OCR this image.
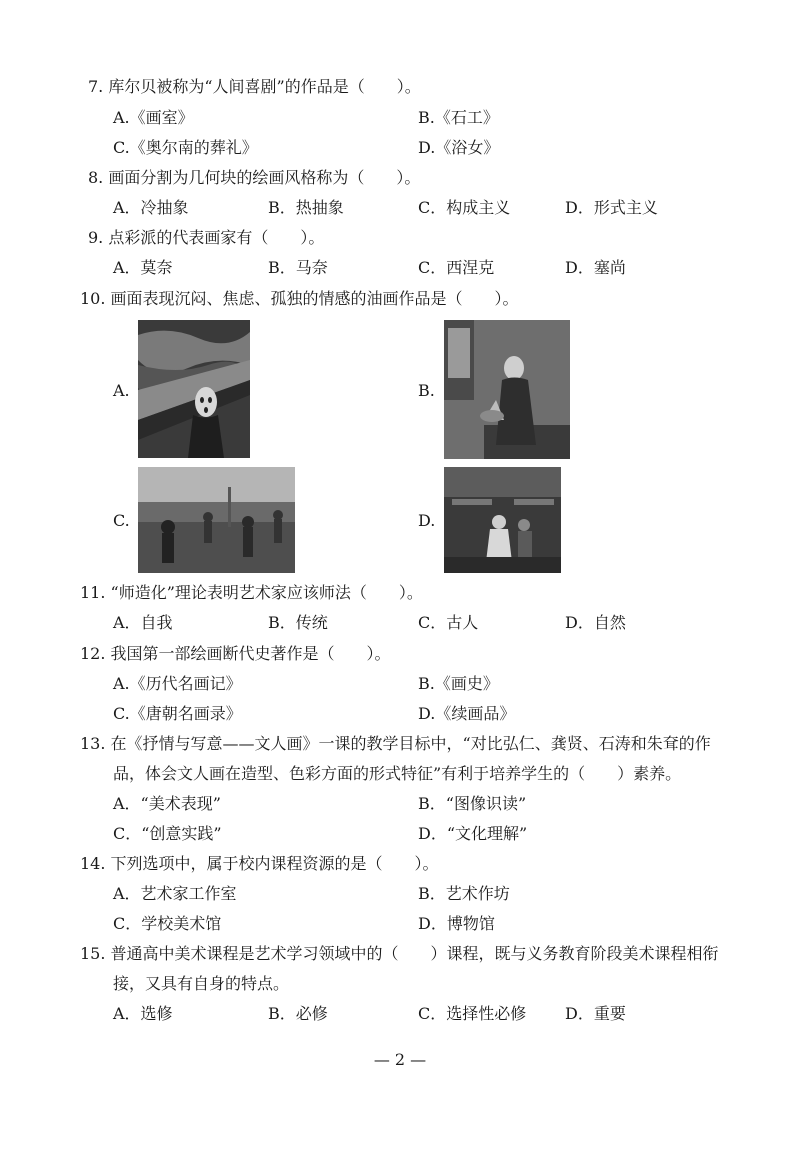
7. 库尔贝被称为“人间喜剧”的作品是（　　）。
A.《画室》	B.《石工》
C.《奥尔南的葬礼》	D.《浴女》
8. 画面分割为几何块的绘画风格称为（　　）。
A．冷抽象	B．热抽象	C．构成主义	D．形式主义
9. 点彩派的代表画家有（　　）。
A．莫奈	B．马奈	C．西涅克	D．塞尚
10. 画面表现沉闷、焦虑、孤独的情感的油画作品是（　　）。
A.	B.
C.	D.
11. “师造化”理论表明艺术家应该师法（　　）。
A．自我	B．传统	C．古人	D．自然
12. 我国第一部绘画断代史著作是（　　）。
A.《历代名画记》	B.《画史》
C.《唐朝名画录》	D.《续画品》
13. 在《抒情与写意——文人画》一课的教学目标中，“对比弘仁、龚贤、石涛和朱耷的作
品，体会文人画在造型、色彩方面的形式特征”有利于培养学生的（　　）素养。
A．“美术表现”	B．“图像识读”
C．“创意实践”	D．“文化理解”
14. 下列选项中，属于校内课程资源的是（　　）。
A．艺术家工作室	B．艺术作坊
C．学校美术馆	D．博物馆
15. 普通高中美术课程是艺术学习领域中的（　　）课程，既与义务教育阶段美术课程相衔
接，又具有自身的特点。
A．选修	B．必修	C．选择性必修 D．重要
— 2 —
